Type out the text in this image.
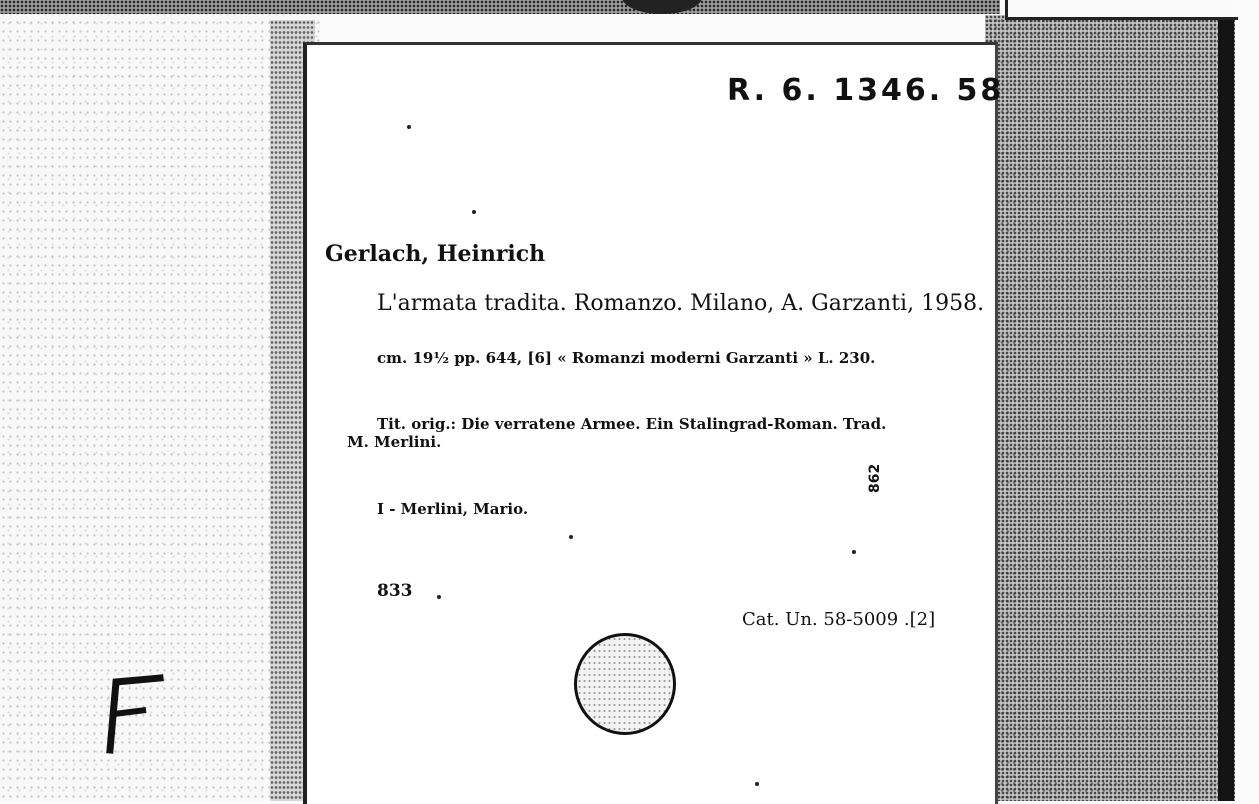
R. 6. 1346. 58
Gerlach, Heinrich
L'armata tradita. Romanzo. Milano, A. Garzanti, 1958.
cm. 19½ pp. 644, [6] « Romanzi moderni Garzanti » L. 230.
Tit. orig.: Die verratene Armee. Ein Stalingrad-Roman. Trad.
M. Merlini.
I - Merlini, Mario.
862
833
Cat. Un. 58-5009 .[2]
